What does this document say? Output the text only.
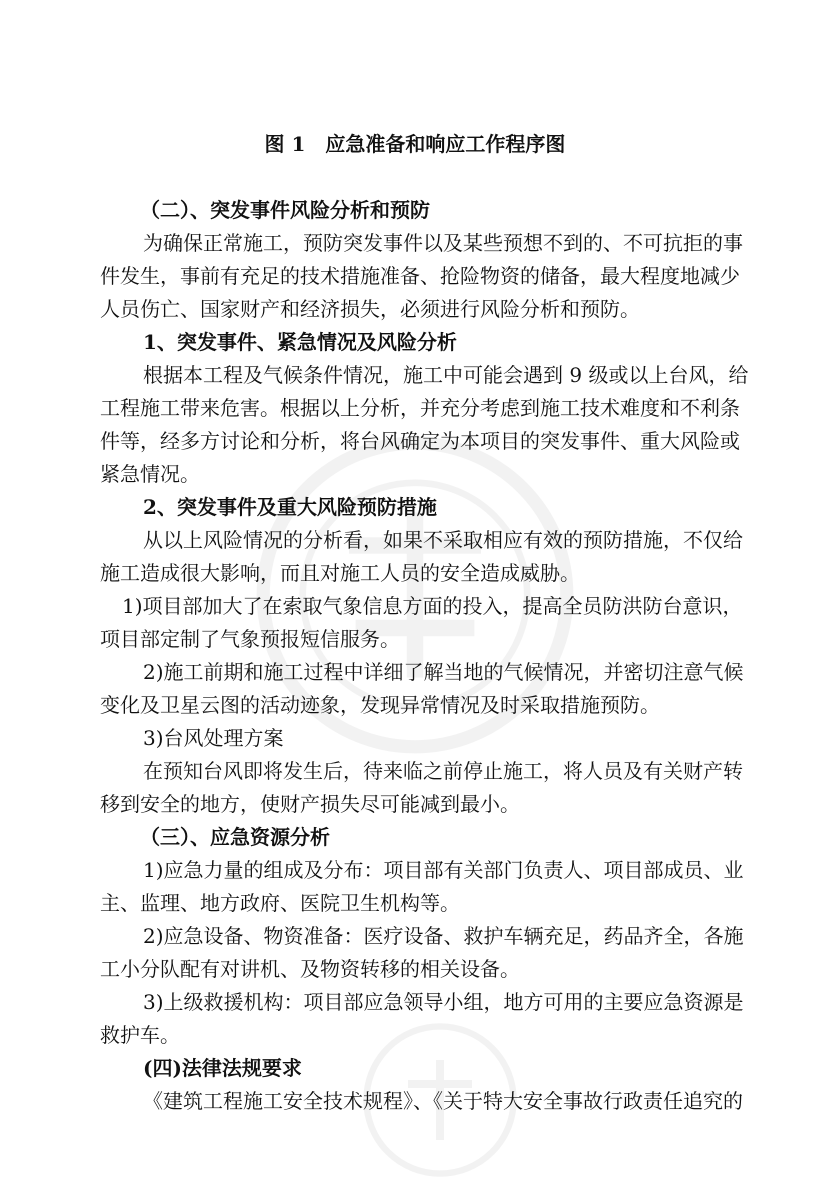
图 1　应急准备和响应工作程序图
（二）、突发事件风险分析和预防
为确保正常施工，预防突发事件以及某些预想不到的、不可抗拒的事
件发生，事前有充足的技术措施准备、抢险物资的储备，最大程度地减少
人员伤亡、国家财产和经济损失，必须进行风险分析和预防。
1、突发事件、紧急情况及风险分析
根据本工程及气候条件情况，施工中可能会遇到 9 级或以上台风，给
工程施工带来危害。根据以上分析，并充分考虑到施工技术难度和不利条
件等，经多方讨论和分析，将台风确定为本项目的突发事件、重大风险或
紧急情况。
2、突发事件及重大风险预防措施
从以上风险情况的分析看，如果不采取相应有效的预防措施，不仅给
施工造成很大影响，而且对施工人员的安全造成威胁。
1)项目部加大了在索取气象信息方面的投入，提高全员防洪防台意识，
项目部定制了气象预报短信服务。
2)施工前期和施工过程中详细了解当地的气候情况，并密切注意气候
变化及卫星云图的活动迹象，发现异常情况及时采取措施预防。
3)台风处理方案
在预知台风即将发生后，待来临之前停止施工，将人员及有关财产转
移到安全的地方，使财产损失尽可能减到最小。
（三）、应急资源分析
1)应急力量的组成及分布：项目部有关部门负责人、项目部成员、业
主、监理、地方政府、医院卫生机构等。
2)应急设备、物资准备：医疗设备、救护车辆充足，药品齐全，各施
工小分队配有对讲机、及物资转移的相关设备。
3)上级救援机构：项目部应急领导小组，地方可用的主要应急资源是
救护车。
(四)法律法规要求
《建筑工程施工安全技术规程》、《关于特大安全事故行政责任追究的
